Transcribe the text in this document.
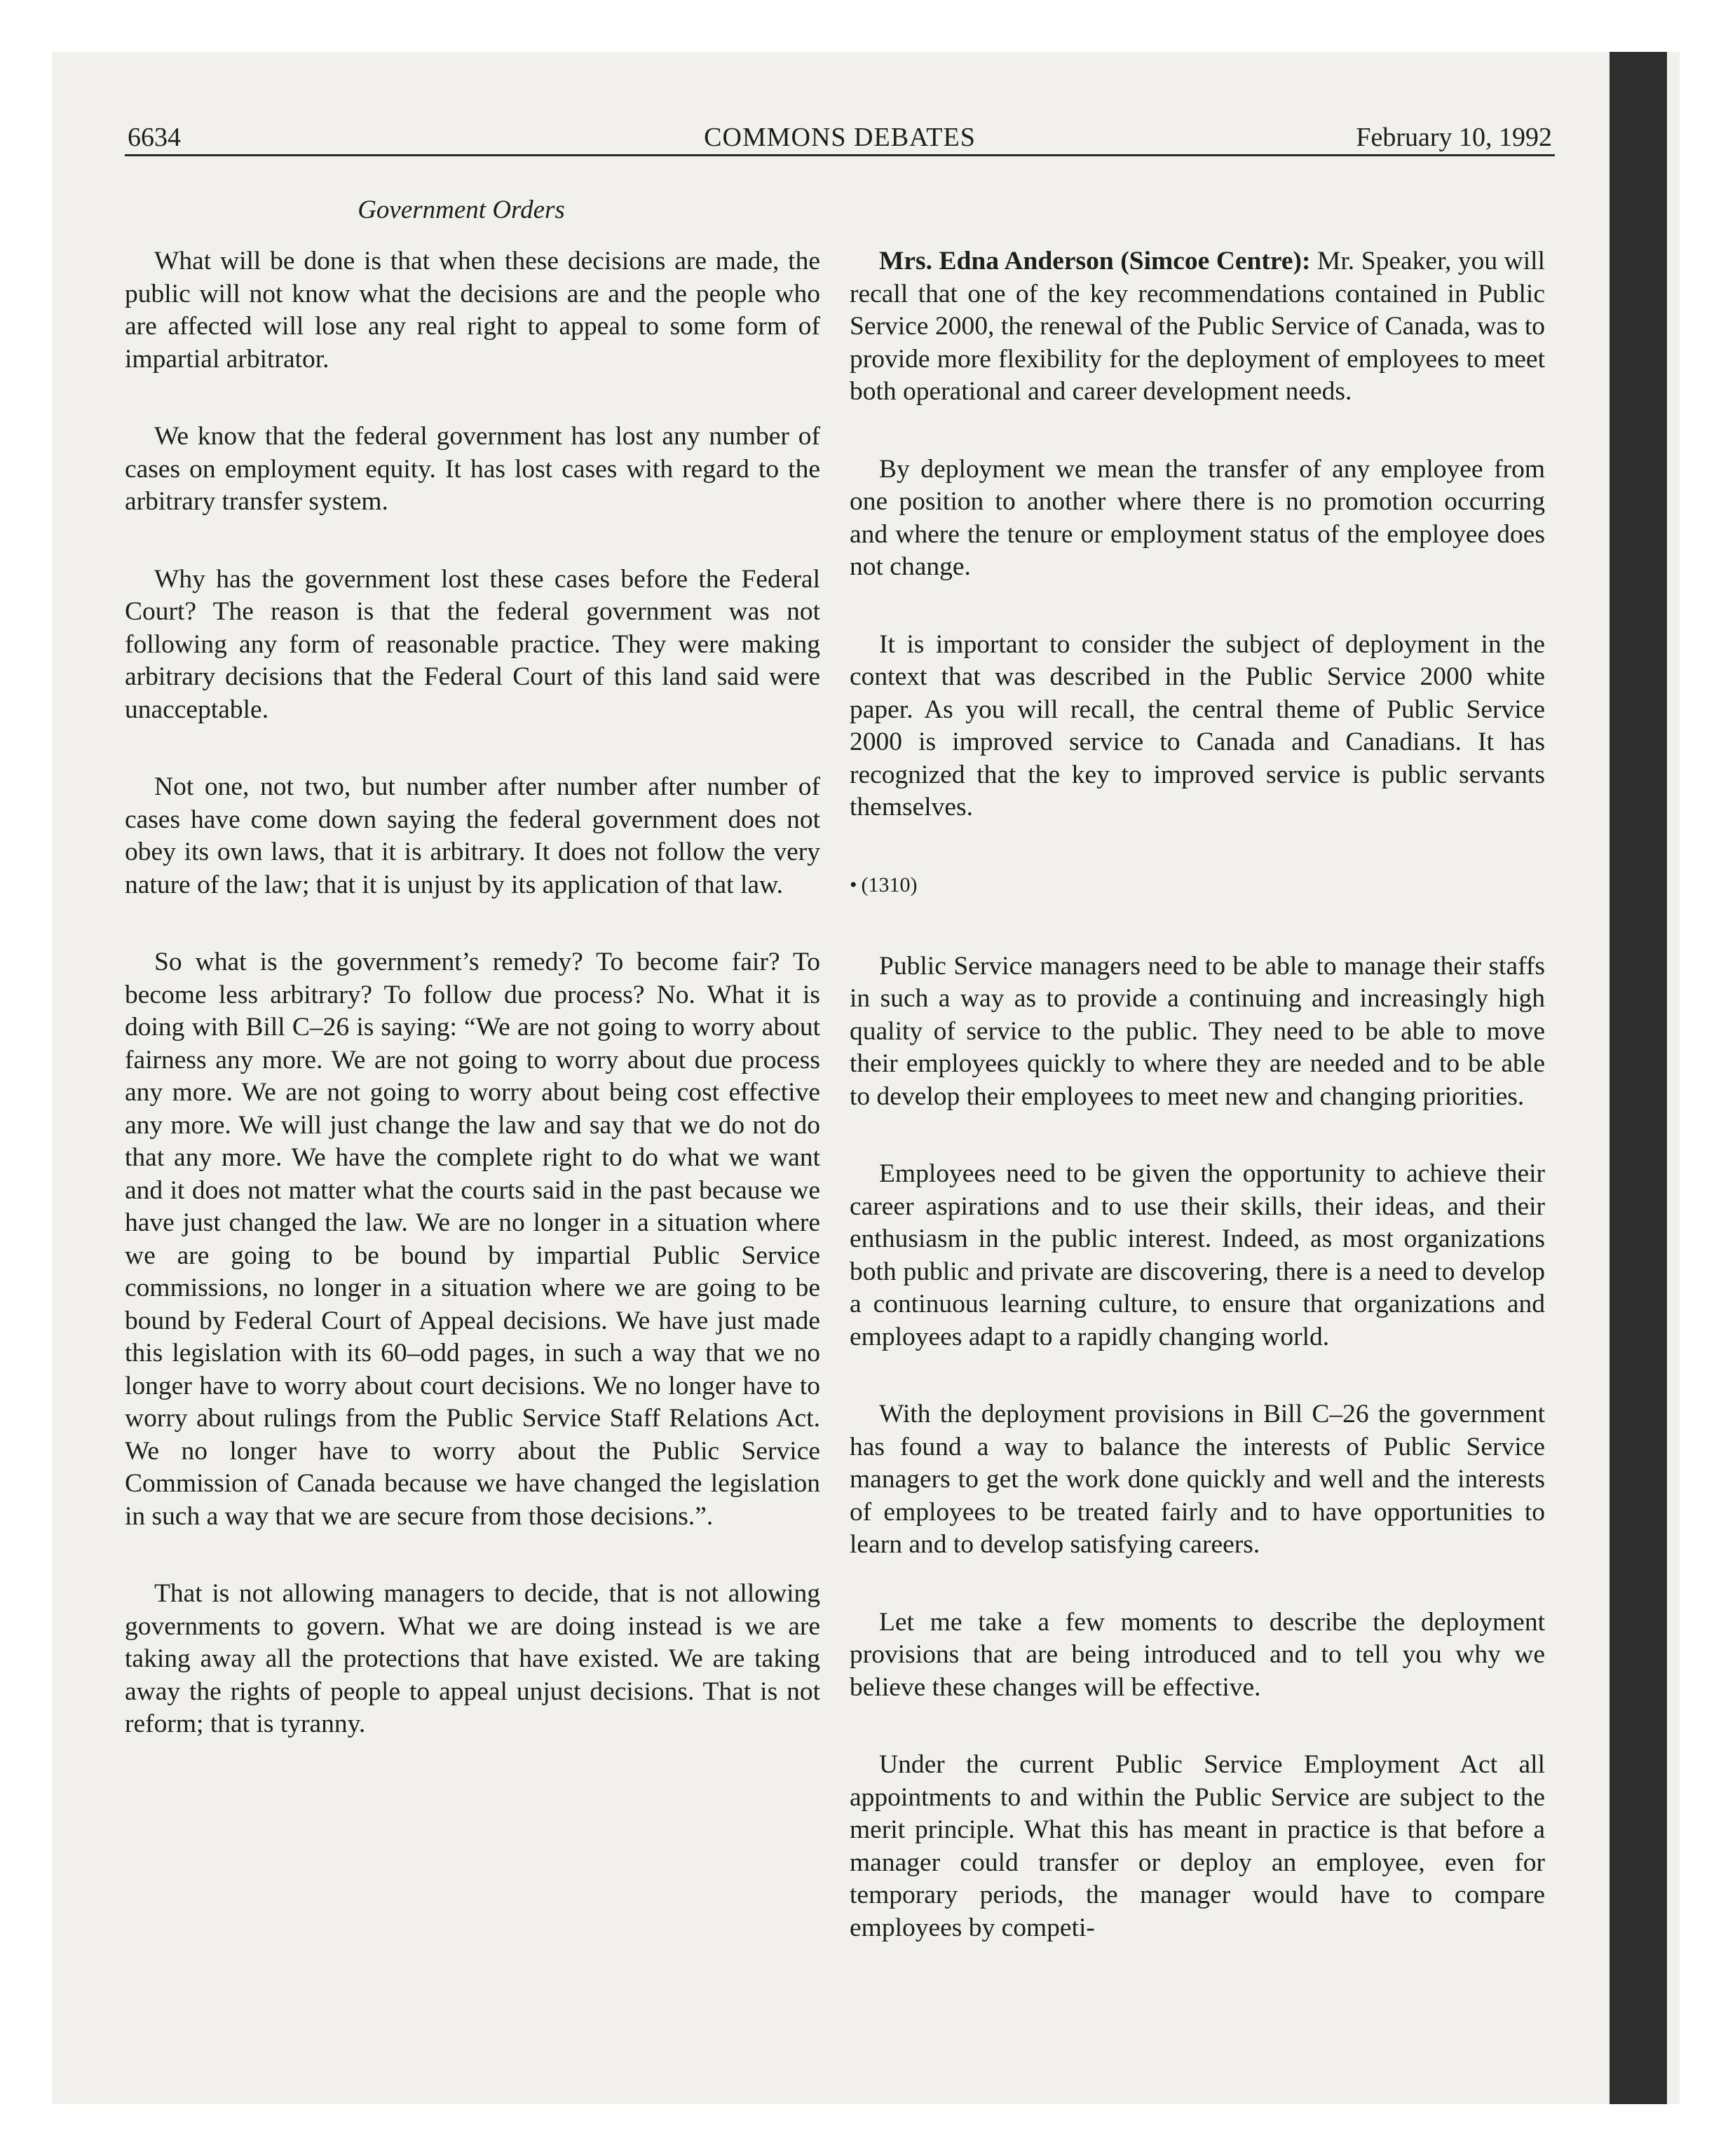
6634	COMMONS DEBATES	February 10, 1992
Government Orders

What will be done is that when these decisions are made, the public will not know what the decisions are and the people who are affected will lose any real right to appeal to some form of impartial arbitrator.

We know that the federal government has lost any number of cases on employment equity. It has lost cases with regard to the arbitrary transfer system.

Why has the government lost these cases before the Federal Court? The reason is that the federal government was not following any form of reasonable practice. They were making arbitrary decisions that the Federal Court of this land said were unacceptable.

Not one, not two, but number after number after number of cases have come down saying the federal government does not obey its own laws, that it is arbitrary. It does not follow the very nature of the law; that it is unjust by its application of that law.

So what is the government’s remedy? To become fair? To become less arbitrary? To follow due process? No. What it is doing with Bill C–26 is saying: “We are not going to worry about fairness any more. We are not going to worry about due process any more. We are not going to worry about being cost effective any more. We will just change the law and say that we do not do that any more. We have the complete right to do what we want and it does not matter what the courts said in the past because we have just changed the law. We are no longer in a situation where we are going to be bound by impartial Public Service commissions, no longer in a situation where we are going to be bound by Federal Court of Appeal decisions. We have just made this legislation with its 60–odd pages, in such a way that we no longer have to worry about court decisions. We no longer have to worry about rulings from the Public Service Staff Relations Act. We no longer have to worry about the Public Service Commission of Canada because we have changed the legislation in such a way that we are secure from those decisions.”.

That is not allowing managers to decide, that is not allowing governments to govern. What we are doing instead is we are taking away all the protections that have existed. We are taking away the rights of people to appeal unjust decisions. That is not reform; that is tyranny.

Mrs. Edna Anderson (Simcoe Centre): Mr. Speaker, you will recall that one of the key recommendations contained in Public Service 2000, the renewal of the Public Service of Canada, was to provide more flexibility for the deployment of employees to meet both operational and career development needs.

By deployment we mean the transfer of any employee from one position to another where there is no promotion occurring and where the tenure or employment status of the employee does not change.

It is important to consider the subject of deployment in the context that was described in the Public Service 2000 white paper. As you will recall, the central theme of Public Service 2000 is improved service to Canada and Canadians. It has recognized that the key to improved service is public servants themselves.

• (1310)

Public Service managers need to be able to manage their staffs in such a way as to provide a continuing and increasingly high quality of service to the public. They need to be able to move their employees quickly to where they are needed and to be able to develop their employees to meet new and changing priorities.

Employees need to be given the opportunity to achieve their career aspirations and to use their skills, their ideas, and their enthusiasm in the public interest. Indeed, as most organizations both public and private are discovering, there is a need to develop a continuous learning culture, to ensure that organizations and employees adapt to a rapidly changing world.

With the deployment provisions in Bill C–26 the government has found a way to balance the interests of Public Service managers to get the work done quickly and well and the interests of employees to be treated fairly and to have opportunities to learn and to develop satisfying careers.

Let me take a few moments to describe the deployment provisions that are being introduced and to tell you why we believe these changes will be effective.

Under the current Public Service Employment Act all appointments to and within the Public Service are subject to the merit principle. What this has meant in practice is that before a manager could transfer or deploy an employee, even for temporary periods, the manager would have to compare employees by competi-
